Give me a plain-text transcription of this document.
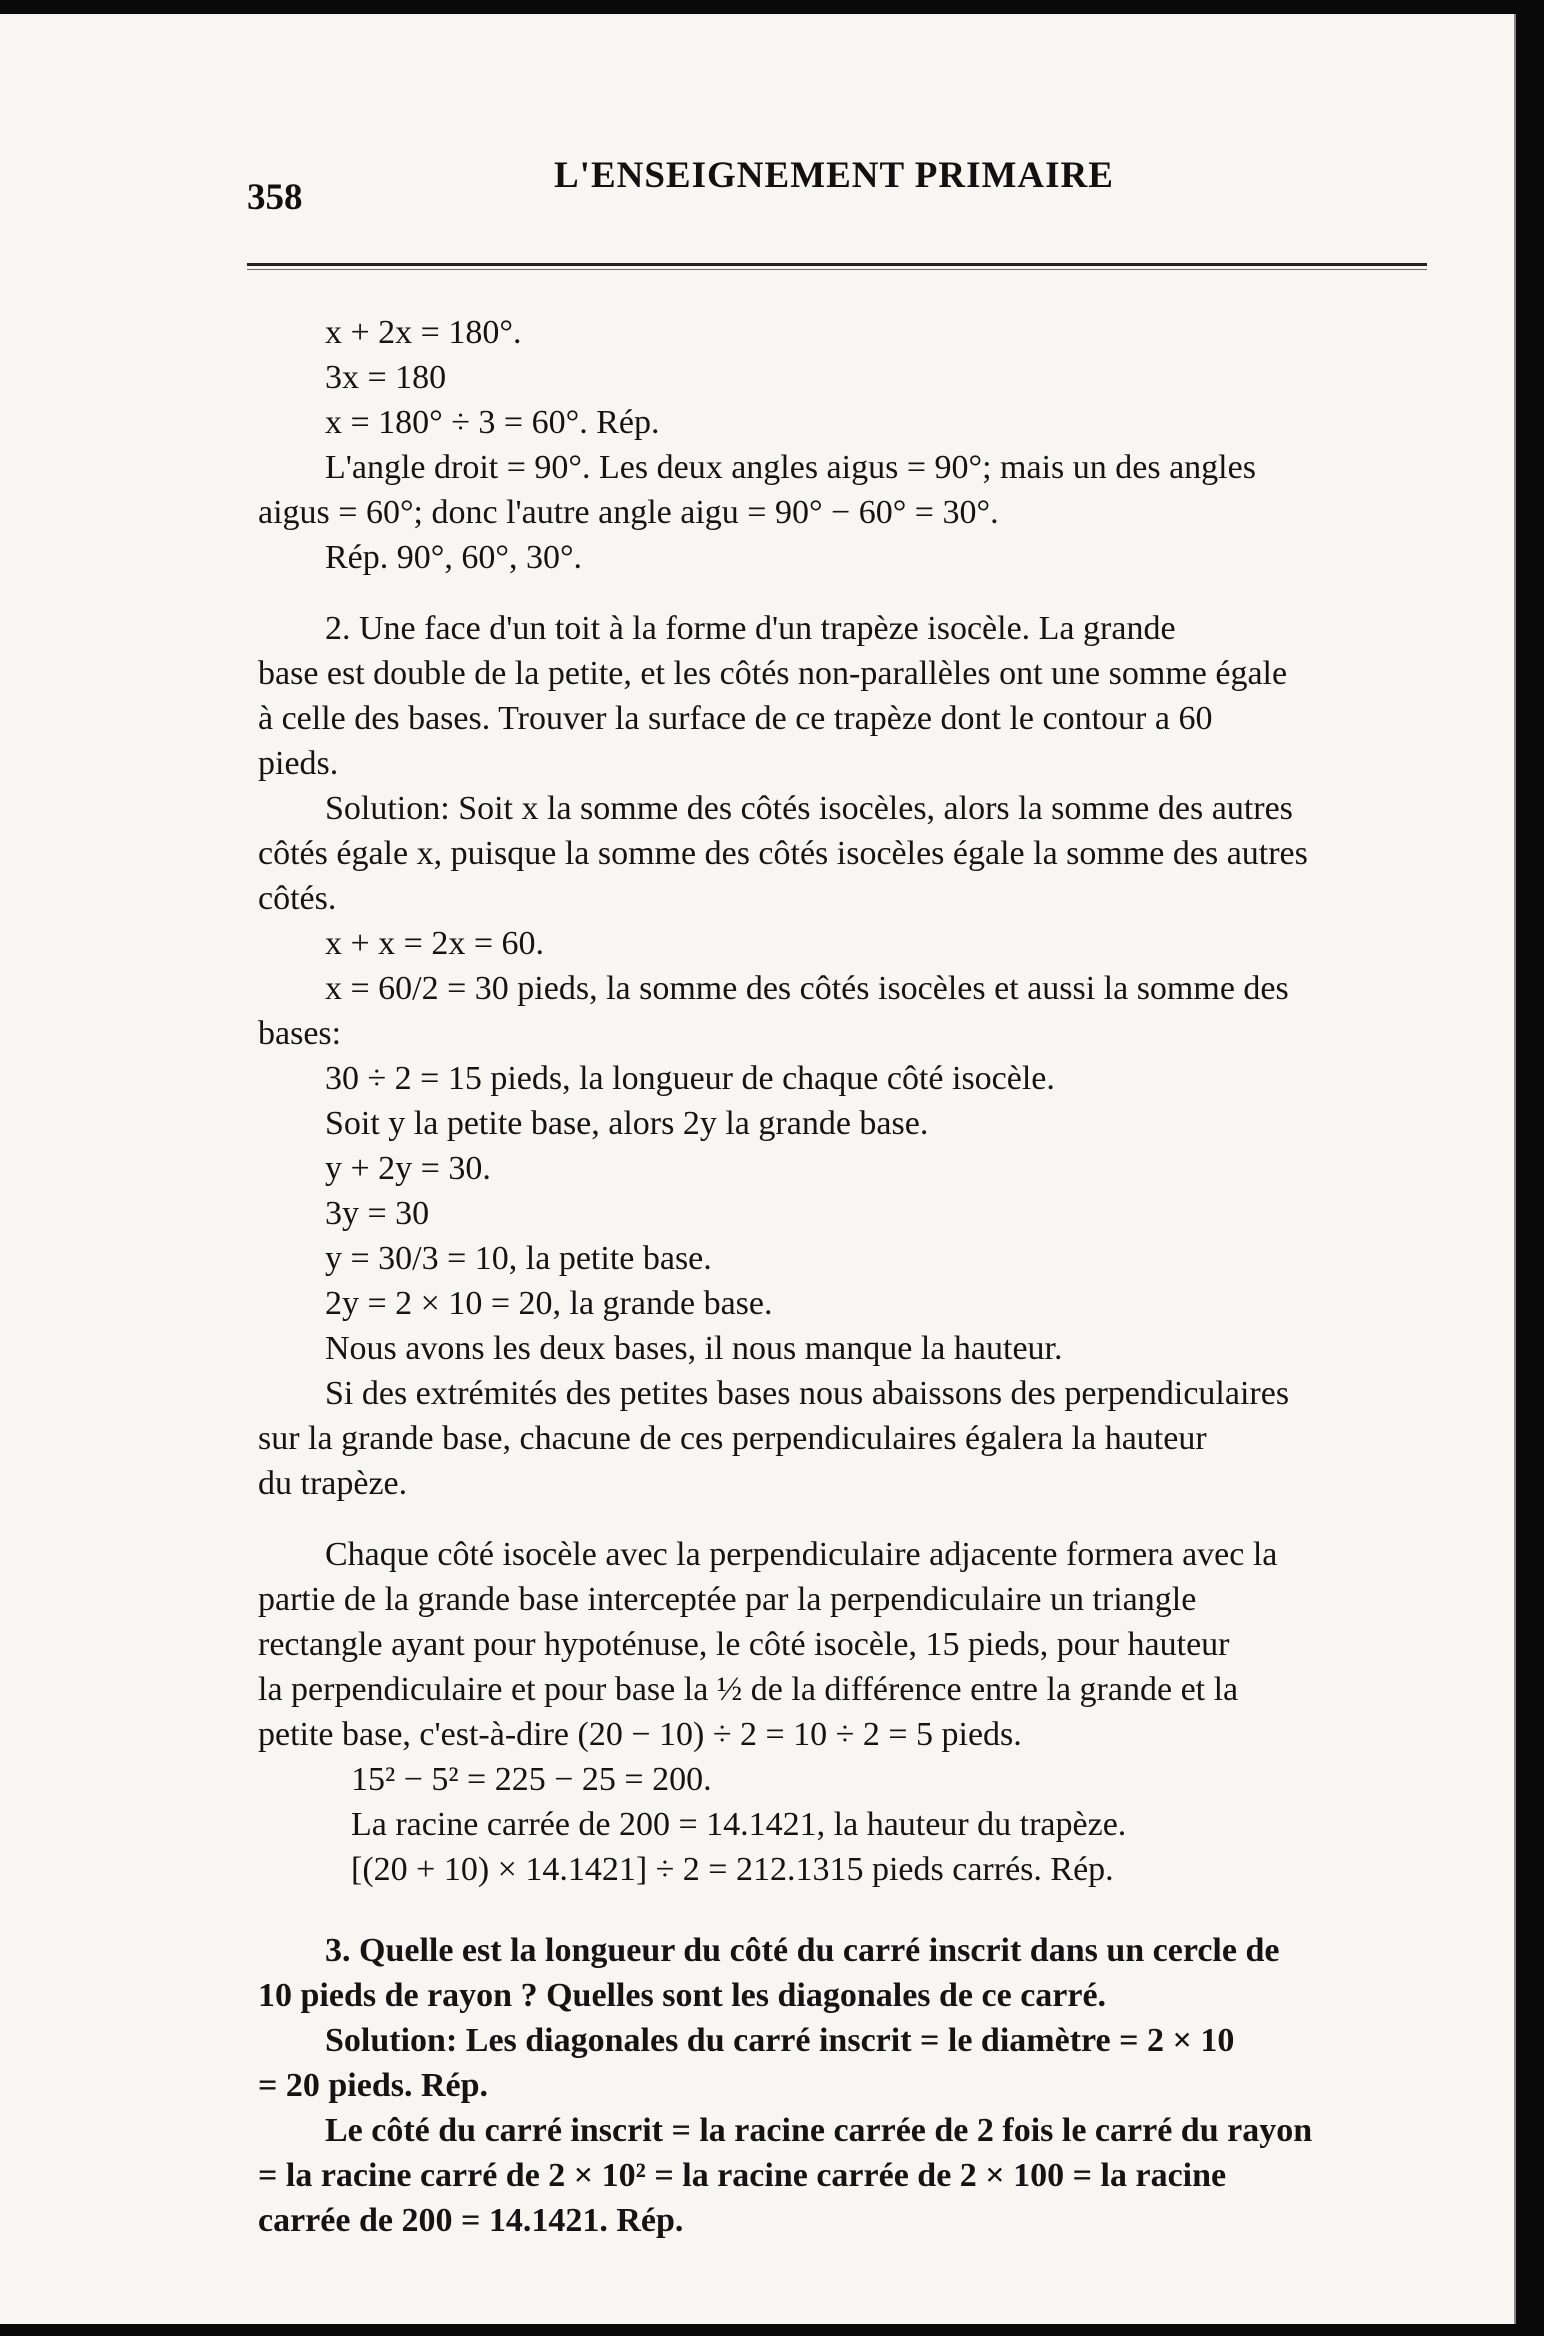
358
L'ENSEIGNEMENT PRIMAIRE
x + 2x = 180°.
3x = 180
x = 180° ÷ 3 = 60°. Rép.
L'angle droit = 90°. Les deux angles aigus = 90°; mais un des angles
aigus = 60°; donc l'autre angle aigu = 90° − 60° = 30°.
Rép. 90°, 60°, 30°.
2. Une face d'un toit à la forme d'un trapèze isocèle. La grande
base est double de la petite, et les côtés non-parallèles ont une somme égale
à celle des bases. Trouver la surface de ce trapèze dont le contour a 60
pieds.
Solution: Soit x la somme des côtés isocèles, alors la somme des autres
côtés égale x, puisque la somme des côtés isocèles égale la somme des autres
côtés.
x + x = 2x = 60.
x = 60/2 = 30 pieds, la somme des côtés isocèles et aussi la somme des
bases:
30 ÷ 2 = 15 pieds, la longueur de chaque côté isocèle.
Soit y la petite base, alors 2y la grande base.
y + 2y = 30.
3y = 30
y = 30/3 = 10, la petite base.
2y = 2 × 10 = 20, la grande base.
Nous avons les deux bases, il nous manque la hauteur.
Si des extrémités des petites bases nous abaissons des perpendiculaires
sur la grande base, chacune de ces perpendiculaires égalera la hauteur
du trapèze.
Chaque côté isocèle avec la perpendiculaire adjacente formera avec la
partie de la grande base interceptée par la perpendiculaire un triangle
rectangle ayant pour hypoténuse, le côté isocèle, 15 pieds, pour hauteur
la perpendiculaire et pour base la ½ de la différence entre la grande et la
petite base, c'est-à-dire (20 − 10) ÷ 2 = 10 ÷ 2 = 5 pieds.
15² − 5² = 225 − 25 = 200.
La racine carrée de 200 = 14.1421, la hauteur du trapèze.
[(20 + 10) × 14.1421] ÷ 2 = 212.1315 pieds carrés. Rép.
3. Quelle est la longueur du côté du carré inscrit dans un cercle de
10 pieds de rayon ? Quelles sont les diagonales de ce carré.
Solution: Les diagonales du carré inscrit = le diamètre = 2 × 10
= 20 pieds. Rép.
Le côté du carré inscrit = la racine carrée de 2 fois le carré du rayon
= la racine carré de 2 × 10² = la racine carrée de 2 × 100 = la racine
carrée de 200 = 14.1421. Rép.
